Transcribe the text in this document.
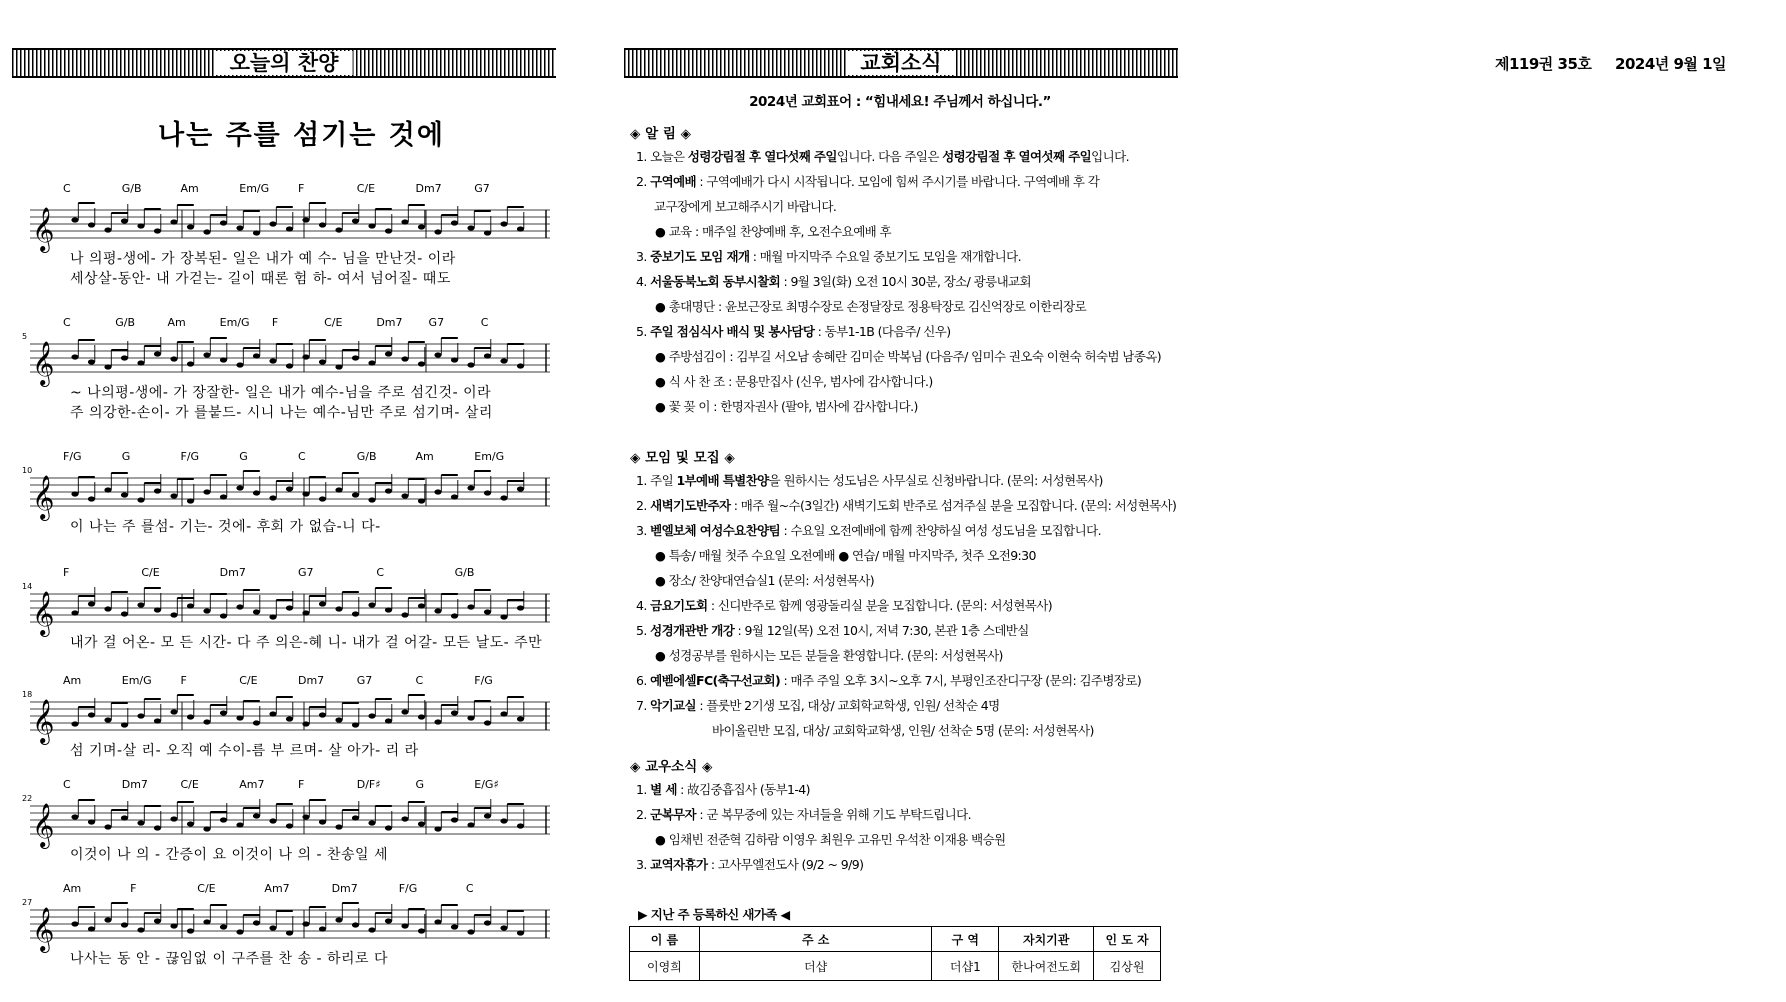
오늘의 찬양	교회소식	제119권 35호 2024년 9월 1일
나는 주를 섬기는 것에
C	G/B	Am	Em/G	F	C/E	Dm7	G7
𝄞
나 의평-생에- 가 장복된- 일은 내가 예 수- 님을 만난것- 이라
세상살-동안- 내 가걷는- 길이 때론 험 하- 여서 넘어질- 때도
C	G/B	Am	Em/G F	C/E	Dm7 G7	C
5
𝄞
~ 나의평-생에- 가 장잘한- 일은 내가 예수-님을 주로 섬긴것- 이라
주 의강한-손이- 가 를붙드- 시니 나는 예수-님만 주로 섬기며- 살리
F/G	G	F/G	G	C	G/B	Am	Em/G
10
𝄞
이 나는 주 를섬- 기는- 것에- 후회 가 없습-니 다-
F	C/E	Dm7	G7	C	G/B
14
𝄞
내가 걸 어온- 모 든 시간- 다 주 의은-혜 니- 내가 걸 어갈- 모든 날도- 주만
Am	Em/G	F	C/E	Dm7	G7	C	F/G
18
𝄞
섬 기며-살 리- 오직 예 수이-름 부 르며- 살 아가- 리 라
C	Dm7	C/E	Am7	F	D/F♯	G	E/G♯
22
𝄞
이것이 나 의 - 간증이 요 이것이 나 의 - 찬송일 세
Am	F	C/E	Am7	Dm7	F/G	C
27
𝄞
나사는 동 안 - 끊임없 이 구주를 찬 송 - 하리로 다
2024년 교회표어 : “힘내세요! 주님께서 하십니다.”
◈ 알 림 ◈
1. 오늘은 성령강림절 후 열다섯째 주일입니다. 다음 주일은 성령강림절 후 열여섯째 주일입니다.
2. 구역예배 : 구역예배가 다시 시작됩니다. 모임에 힘써 주시기를 바랍니다. 구역예배 후 각
교구장에게 보고해주시기 바랍니다.
● 교육 : 매주일 찬양예배 후, 오전수요예배 후
3. 중보기도 모임 재개 : 매월 마지막주 수요일 중보기도 모임을 재개합니다.
4. 서울동북노회 동부시찰회 : 9월 3일(화) 오전 10시 30분, 장소/ 광릉내교회
● 총대명단 : 윤보근장로 최명수장로 손정달장로 정용탁장로 김신억장로 이한리장로
5. 주일 점심식사 배식 및 봉사담당 : 동부1-1B (다음주/ 신우)
● 주방섬김이 : 김부길 서오남 송혜란 김미순 박복님 (다음주/ 임미수 권오숙 이현숙 허숙범 남종옥)
● 식 사 찬 조 : 문용만집사 (신우, 범사에 감사합니다.)
● 꽃 꽂 이 : 한명자권사 (팔야, 범사에 감사합니다.)
◈ 모임 및 모집 ◈
1. 주일 1부예배 특별찬양을 원하시는 성도님은 사무실로 신청바랍니다. (문의: 서성현목사)
2. 새벽기도반주자 : 매주 월~수(3일간) 새벽기도회 반주로 섬겨주실 분을 모집합니다. (문의: 서성현목사)
3. 벧엘보체 여성수요찬양팀 : 수요일 오전예배에 함께 찬양하실 여성 성도님을 모집합니다.
● 특송/ 매월 첫주 수요일 오전예배 ● 연습/ 매월 마지막주, 첫주 오전9:30
● 장소/ 찬양대연습실1 (문의: 서성현목사)
4. 금요기도회 : 신디반주로 함께 영광돌리실 분을 모집합니다. (문의: 서성현목사)
5. 성경개관반 개강 : 9월 12일(목) 오전 10시, 저녁 7:30, 본관 1층 스데반실
● 성경공부를 원하시는 모든 분들을 환영합니다. (문의: 서성현목사)
6. 예벧에셀FC(축구선교회) : 매주 주일 오후 3시~오후 7시, 부평인조잔디구장 (문의: 김주병장로)
7. 악기교실 : 플룻반 2기생 모집, 대상/ 교회학교학생, 인원/ 선착순 4명
바이올린반 모집, 대상/ 교회학교학생, 인원/ 선착순 5명 (문의: 서성현목사)
◈ 교우소식 ◈
1. 별 세 : 故김중흡집사 (동부1-4)
2. 군복무자 : 군 복무중에 있는 자녀들을 위해 기도 부탁드립니다.
● 임채빈 전준혁 김하람 이영우 최원우 고유민 우석찬 이재용 백승원
3. 교역자휴가 : 고사무엘전도사 (9/2 ~ 9/9)
▶ 지난 주 등록하신 새가족 ◀
이 름	주 소	구 역	자치기관	인 도 자
이영희	더샵	더샵1	한나여전도회	김상원
